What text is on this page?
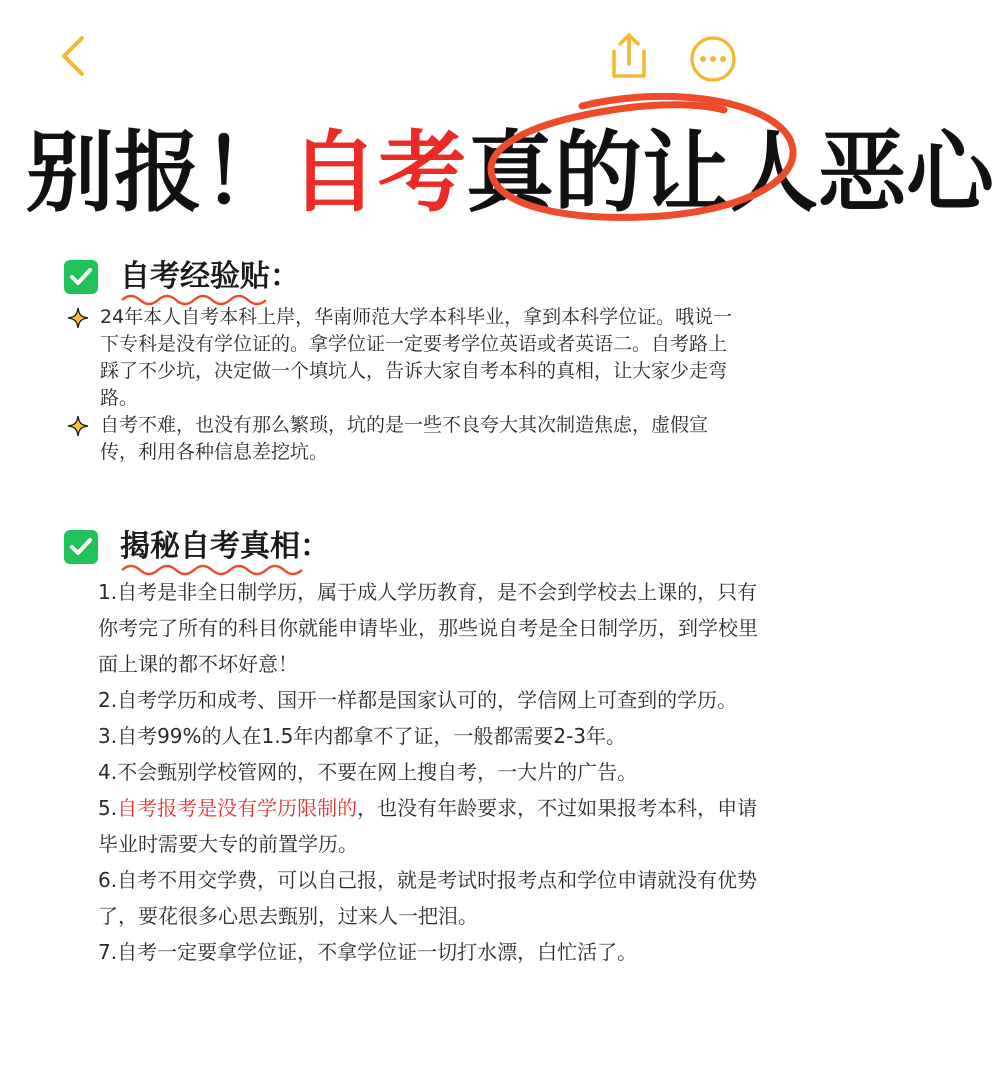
别报！自考真的让人恶心
自考经验贴：
24年本人自考本科上岸，华南师范大学本科毕业，拿到本科学位证。哦说一下专科是没有学位证的。拿学位证一定要考学位英语或者英语二。自考路上踩了不少坑，决定做一个填坑人，告诉大家自考本科的真相，让大家少走弯路。
自考不难，也没有那么繁琐，坑的是一些不良夸大其次制造焦虑，虚假宣传，利用各种信息差挖坑。
揭秘自考真相：
1.自考是非全日制学历，属于成人学历教育，是不会到学校去上课的，只有你考完了所有的科目你就能申请毕业，那些说自考是全日制学历，到学校里面上课的都不坏好意！
2.自考学历和成考、国开一样都是国家认可的，学信网上可查到的学历。
3.自考99%的人在1.5年内都拿不了证，一般都需要2-3年。
4.不会甄别学校管网的，不要在网上搜自考，一大片的广告。
5.自考报考是没有学历限制的，也没有年龄要求，不过如果报考本科，申请毕业时需要大专的前置学历。
6.自考不用交学费，可以自己报，就是考试时报考点和学位申请就没有优势了，要花很多心思去甄别，过来人一把泪。
7.自考一定要拿学位证，不拿学位证一切打水漂，白忙活了。
